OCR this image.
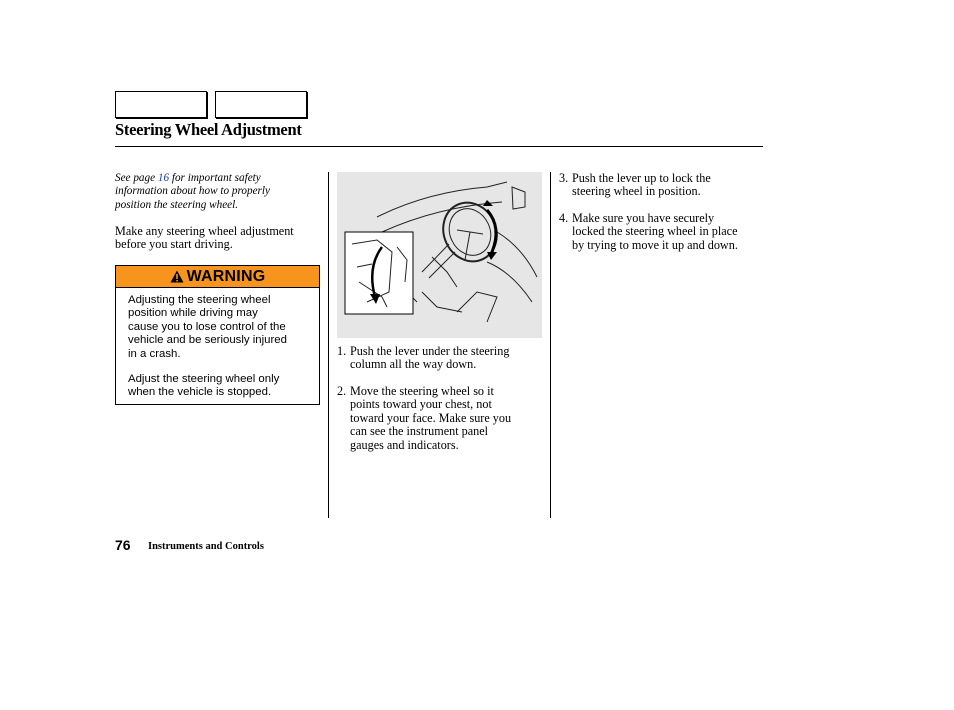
Steering Wheel Adjustment
See page 16 for important safety
information about how to properly
position the steering wheel.
Make any steering wheel adjustment
before you start driving.
WARNING

Adjusting the steering wheel
position while driving may
cause you to lose control of the
vehicle and be seriously injured
in a crash.

Adjust the steering wheel only
when the vehicle is stopped.

1. Push the lever under the steering
column all the way down.
2. Move the steering wheel so it
points toward your chest, not
toward your face. Make sure you
can see the instrument panel
gauges and indicators.
3. Push the lever up to lock the
steering wheel in position.
4. Make sure you have securely
locked the steering wheel in place
by trying to move it up and down.
76 Instruments and Controls
